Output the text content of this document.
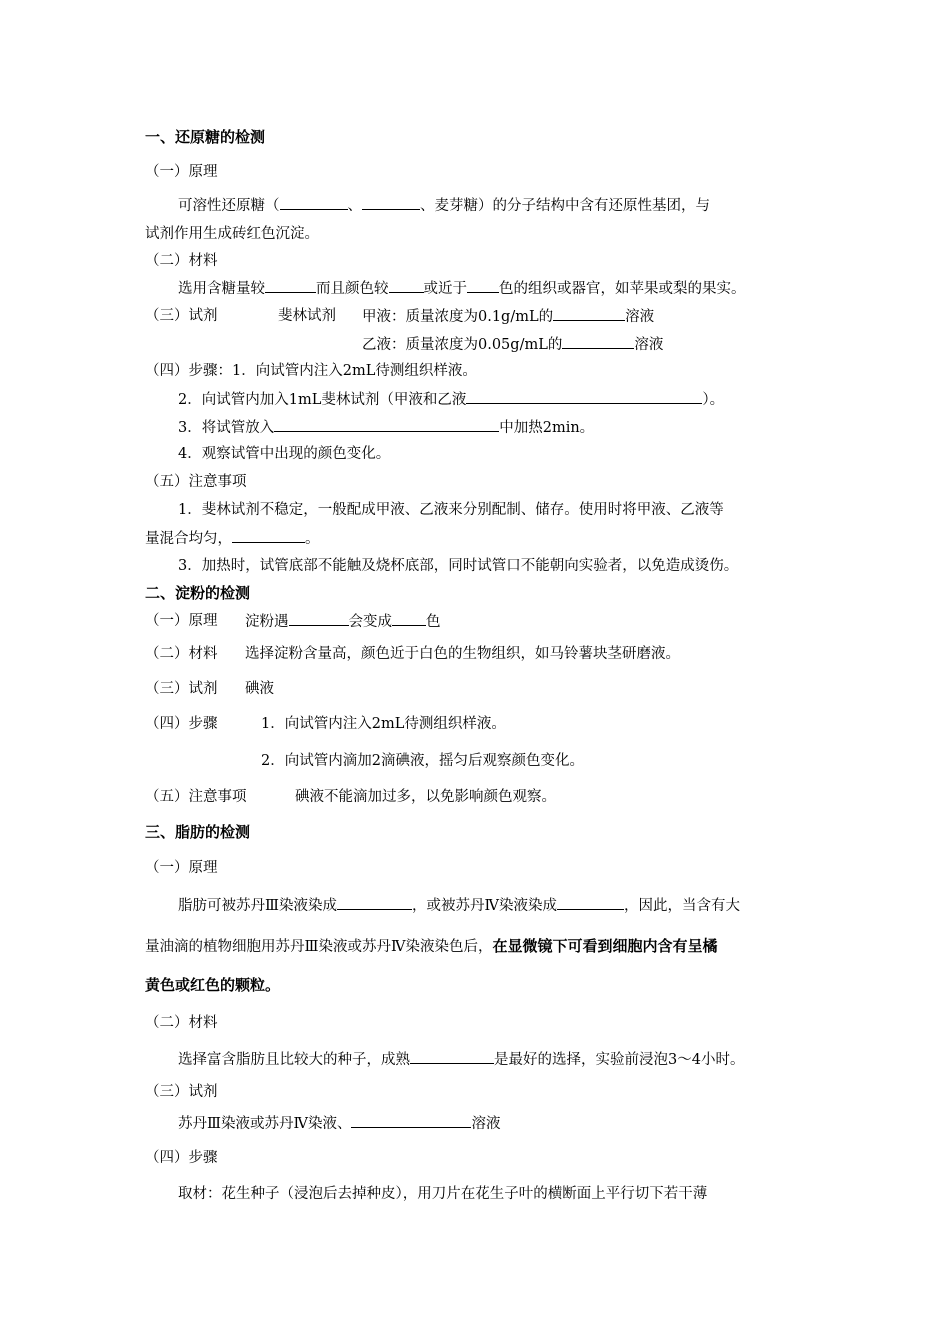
一、还原糖的检测
（一）原理
可溶性还原糖（	、	、麦芽糖）的分子结构中含有还原性基团，与
试剂作用生成砖红色沉淀。
（二）材料
选用含糖量较	而且颜色较 或近于 色的组织或器官，如苹果或梨的果实。
（三）试剂	斐林试剂 甲液：质量浓度为0.1g/mL的	溶液
乙液：质量浓度为0.05g/mL的	溶液
（四）步骤：1．向试管内注入2mL待测组织样液。
2．向试管内加入1mL斐林试剂（甲液和乙液	）。
3．将试管放入	中加热2min。
4．观察试管中出现的颜色变化。
（五）注意事项
1．斐林试剂不稳定，一般配成甲液、乙液来分别配制、储存。使用时将甲液、乙液等
量混合均匀，	。
3．加热时，试管底部不能触及烧杯底部，同时试管口不能朝向实验者，以免造成烫伤。
二、淀粉的检测
（一）原理 淀粉遇	会变成 色
（二）材料 选择淀粉含量高，颜色近于白色的生物组织，如马铃薯块茎研磨液。
（三）试剂 碘液
（四）步骤	1．向试管内注入2mL待测组织样液。
2．向试管内滴加2滴碘液，摇匀后观察颜色变化。
（五）注意事项	碘液不能滴加过多，以免影响颜色观察。
三、脂肪的检测
（一）原理
脂肪可被苏丹Ⅲ染液染成	，或被苏丹Ⅳ染液染成	，因此，当含有大
量油滴的植物细胞用苏丹Ⅲ染液或苏丹Ⅳ染液染色后，在显微镜下可看到细胞内含有呈橘
黄色或红色的颗粒。
（二）材料
选择富含脂肪且比较大的种子，成熟	是最好的选择，实验前浸泡3～4小时。
（三）试剂
苏丹Ⅲ染液或苏丹Ⅳ染液、	溶液
（四）步骤
取材：花生种子（浸泡后去掉种皮），用刀片在花生子叶的横断面上平行切下若干薄
